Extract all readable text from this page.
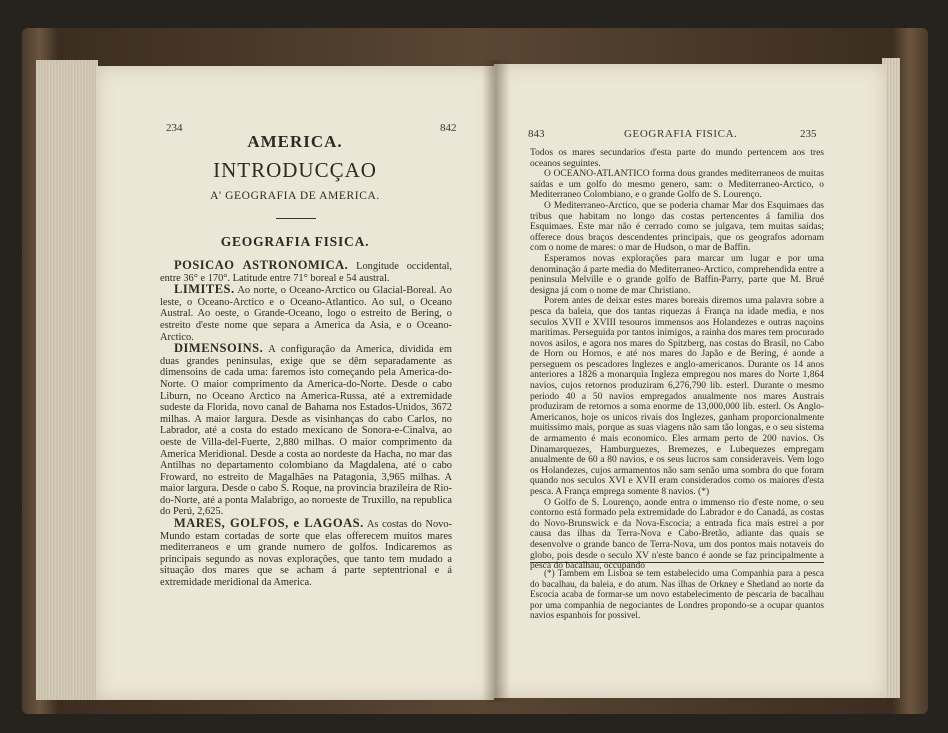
234	842
AMERICA.
INTRODUCÇAO
A' GEOGRAFIA DE AMERICA.
GEOGRAFIA FISICA.

POSICAO ASTRONOMICA. Longitude occidental, entre 36° e 170°. Latitude entre 71° boreal e 54 austral.

LIMITES. Ao norte, o Oceano-Arctico ou Glacial-Boreal. Ao leste, o Oceano-Arctico e o Oceano-Atlantico. Ao sul, o Oceano Austral. Ao oeste, o Grande-Oceano, logo o estreito de Bering, o estreito d'este nome que separa a America da Asia, e o Oceano-Arctico.

DIMENSOINS. A configuração da America, dividida em duas grandes peninsulas, exige que se dêm separadamente as dimensoins de cada uma: faremos isto começando pela America-do-Norte. O maior comprimento da America-do-Norte. Desde o cabo Liburn, no Oceano Arctico na America-Russa, até a extremidade sudeste da Florida, novo canal de Bahama nos Estados-Unidos, 3672 milhas. A maior largura. Desde as visinhanças do cabo Carlos, no Labrador, até a costa do estado mexicano de Sonora-e-Cinalva, ao oeste de Villa-del-Fuerte, 2,880 milhas. O maior comprimento da America Meridional. Desde a costa ao nordeste da Hacha, no mar das Antilhas no departamento colombiano da Magdalena, até o cabo Froward, no estreito de Magalhães na Patagonia, 3,965 milhas. A maior largura. Desde o cabo S. Roque, na provincia brazileira de Rio-do-Norte, até a ponta Malabrigo, ao noroeste de Truxillo, na republica do Perú, 2,625.

MARES, GOLFOS, e LAGOAS. As costas do Novo-Mundo estam cortadas de sorte que elas offerecem muitos mares mediterraneos e um grande numero de golfos. Indicaremos as principais segundo as novas explorações, que tanto tem mudado a situação dos mares que se acham á parte septentrional e á extremidade meridional da America.

843	GEOGRAFIA FISICA.	235

Todos os mares secundarios d'esta parte do mundo pertencem aos tres oceanos seguintes.

O OCEANO-ATLANTICO forma dous grandes mediterraneos de muitas saídas e um golfo do mesmo genero, sam: o Mediterraneo-Arctico, o Mediterraneo Colombiano, e o grande Golfo de S. Lourenço.

O Mediterraneo-Arctico, que se poderia chamar Mar dos Esquimaes das tribus que habitam no longo das costas pertencentes á familia dos Esquimaes. Este mar não é cerrado como se julgava, tem muitas saídas; offerece dous braços descendentes principais, que os geografos adornam com o nome de mares: o mar de Hudson, o mar de Baffin.

Esperamos novas explorações para marcar um lugar e por uma denominação á parte media do Mediterraneo-Arctico, comprehendida entre a peninsula Melville e o grande golfo de Baffin-Parry, parte que M. Brué designa já com o nome de mar Christiano.

Porem antes de deixar estes mares boreais diremos uma palavra sobre a pesca da baleia, que dos tantas riquezas á França na idade media, e nos seculos XVII e XVIII tesouros immensos aos Holandezes e outras naçoins maritimas. Perseguida por tantos inimigos, a rainha dos mares tem procurado novos asilos, e agora nos mares do Spitzberg, nas costas do Brasil, no Cabo de Horn ou Hornos, e até nos mares do Japão e de Bering, é aonde a perseguem os pescadores Inglezes e anglo-americanos. Durante os 14 anos anteriores a 1826 a monarquia Ingleza empregou nos mares do Norte 1,864 navios, cujos retornos produziram 6,276,790 lib. esterl. Durante o mesmo periodo 40 a 50 navios empregados anualmente nos mares Austrais produziram de retornos a soma enorme de 13,000,000 lib. esterl. Os Anglo-Americanos, hoje os unicos rivais dos Inglezes, ganham proporcionalmente muitissimo mais, porque as suas viagens não sam tão longas, e o seu sistema de armamento é mais economico. Eles armam perto de 200 navios. Os Dinamarquezes, Hamburguezes, Bremezes, e Lubequezes empregam anualmente de 60 a 80 navios, e os seus lucros sam consideraveis. Vem logo os Holandezes, cujos armamentos não sam senão uma sombra do que foram quando nos seculos XVI e XVII eram considerados como os maiores d'esta pesca. A França emprega somente 8 navios. (*)

O Golfo de S. Lourenço, aonde entra o immenso rio d'este nome, o seu contorno está formado pela extremidade do Labrador e do Canadá, as costas do Novo-Brunswick e da Nova-Escocia; a entrada fica mais estrei a por causa das ilhas da Terra-Nova e Cabo-Bretão, adiante das quais se desenvolve o grande banco de Terra-Nova, um dos pontos mais notaveis do globo, pois desde o seculo XV n'este banco é aonde se faz principalmente a pesca do bacalhau, occupando

(*) Tambem em Lisboa se tem estabelecido uma Companhia para a pesca do bacalhau, da baleia, e do atum. Nas ilhas de Orkney e Shetland ao norte da Escocia acaba de formar-se um novo estabelecimento de pescaria de bacalhau por uma companhia de negociantes de Londres propondo-se a ocupar quantos navios espanhois for possivel.
